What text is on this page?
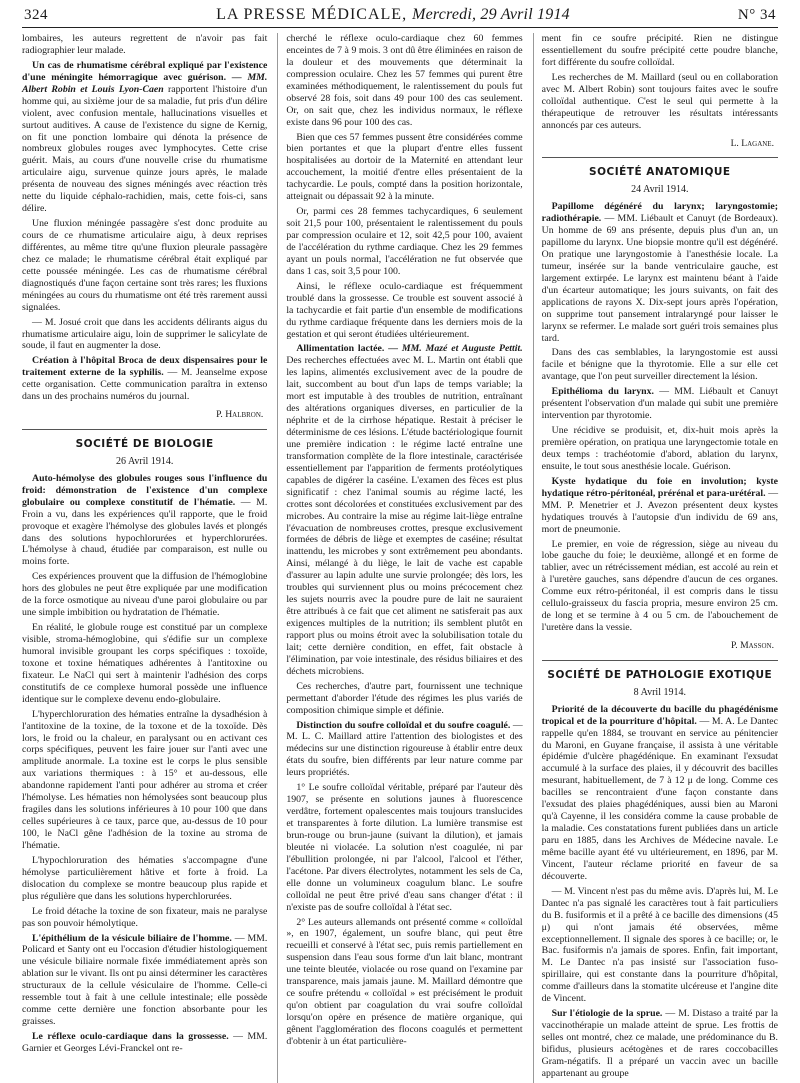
324	LA PRESSE MÉDICALE, Mercredi, 29 Avril 1914	N° 34

lombaires, les auteurs regrettent de n'avoir pas fait radiographier leur malade.

Un cas de rhumatisme cérébral expliqué par l'existence d'une méningite hémorragique avec guérison. — MM. Albert Robin et Louis Lyon-Caen rapportent l'histoire d'un homme qui, au sixième jour de sa maladie, fut pris d'un délire violent, avec confusion mentale, hallucinations visuelles et surtout auditives. A cause de l'existence du signe de Kernig, on fit une ponction lombaire qui dénota la présence de nombreux globules rouges avec lymphocytes. Cette crise guérit. Mais, au cours d'une nouvelle crise du rhumatisme articulaire aigu, survenue quinze jours après, le malade présenta de nouveau des signes méningés avec réaction très nette du liquide céphalo-rachidien, mais, cette fois-ci, sans délire.

Une fluxion méningée passagère s'est donc produite au cours de ce rhumatisme articulaire aigu, à deux reprises différentes, au même titre qu'une fluxion pleurale passagère chez ce malade; le rhumatisme cérébral était expliqué par cette poussée méningée. Les cas de rhumatisme cérébral diagnostiqués d'une façon certaine sont très rares; les fluxions méningées au cours du rhumatisme ont été très rarement aussi signalées.

— M. Josué croit que dans les accidents délirants aigus du rhumatisme articulaire aigu, loin de supprimer le salicylate de soude, il faut en augmenter la dose.

Création à l'hôpital Broca de deux dispensaires pour le traitement externe de la syphilis. — M. Jeanselme expose cette organisation. Cette communication paraîtra in extenso dans un des prochains numéros du journal.

P. Halbron.

SOCIÉTÉ DE BIOLOGIE
26 Avril 1914.

Auto-hémolyse des globules rouges sous l'influence du froid: démonstration de l'existence d'un complexe globulaire ou complexe constitutif de l'hématie. — M. Froin a vu, dans les expériences qu'il rapporte, que le froid provoque et exagère l'hémolyse des globules lavés et plongés dans des solutions hypochlorurées et hyperchlorurées. L'hémolyse à chaud, étudiée par comparaison, est nulle ou moins forte.

Ces expériences prouvent que la diffusion de l'hémoglobine hors des globules ne peut être expliquée par une modification de la force osmotique au niveau d'une paroi globulaire ou par une simple imbibition ou hydratation de l'hématie.

En réalité, le globule rouge est constitué par un complexe visible, stroma-hémoglobine, qui s'édifie sur un complexe humoral invisible groupant les corps spécifiques : toxoïde, toxone et toxine hématiques adhérentes à l'antitoxine ou fixateur. Le NaCl qui sert à maintenir l'adhésion des corps constitutifs de ce complexe humoral possède une influence identique sur le complexe devenu endo-globulaire.

L'hyperchloruration des hématies entraîne la dysadhésion à l'antitoxine de la toxine, de la toxone et de la toxoïde. Dès lors, le froid ou la chaleur, en paralysant ou en activant ces corps spécifiques, peuvent les faire jouer sur l'anti avec une amplitude anormale. La toxine est le corps le plus sensible aux variations thermiques : à 15° et au-dessous, elle abandonne rapidement l'anti pour adhérer au stroma et créer l'hémolyse. Les hématies non hémolysées sont beaucoup plus fragiles dans les solutions inférieures à 10 pour 100 que dans celles supérieures à ce taux, parce que, au-dessus de 10 pour 100, le NaCl gêne l'adhésion de la toxine au stroma de l'hématie.

L'hypochloruration des hématies s'accompagne d'une hémolyse particulièrement hâtive et forte à froid. La dislocation du complexe se montre beaucoup plus rapide et plus régulière que dans les solutions hyperchlorurées.

Le froid détache la toxine de son fixateur, mais ne paralyse pas son pouvoir hémolytique.

L'épithélium de la vésicule biliaire de l'homme. — MM. Policard et Santy ont eu l'occasion d'étudier histologiquement une vésicule biliaire normale fixée immédiatement après son ablation sur le vivant. Ils ont pu ainsi déterminer les caractères structuraux de la cellule vésiculaire de l'homme. Celle-ci ressemble tout à fait à une cellule intestinale; elle possède comme cette dernière une fonction absorbante pour les graisses.

Le réflexe oculo-cardiaque dans la grossesse. — MM. Garnier et Georges Lévi-Franckel ont re-

cherché le réflexe oculo-cardiaque chez 60 femmes enceintes de 7 à 9 mois. 3 ont dû être éliminées en raison de la douleur et des mouvements que déterminait la compression oculaire. Chez les 57 femmes qui purent être examinées méthodiquement, le ralentissement du pouls fut observé 28 fois, soit dans 49 pour 100 des cas seulement. Or, on sait que, chez les individus normaux, le réflexe existe dans 96 pour 100 des cas.

Bien que ces 57 femmes pussent être considérées comme bien portantes et que la plupart d'entre elles fussent hospitalisées au dortoir de la Maternité en attendant leur accouchement, la moitié d'entre elles présentaient de la tachycardie. Le pouls, compté dans la position horizontale, atteignait ou dépassait 92 à la minute.

Or, parmi ces 28 femmes tachycardiques, 6 seulement soit 21,5 pour 100, présentaient le ralentissement du pouls par compression oculaire et 12, soit 42,5 pour 100, avaient de l'accélération du rythme cardiaque. Chez les 29 femmes ayant un pouls normal, l'accélération ne fut observée que dans 1 cas, soit 3,5 pour 100.

Ainsi, le réflexe oculo-cardiaque est fréquemment troublé dans la grossesse. Ce trouble est souvent associé à la tachycardie et fait partie d'un ensemble de modifications du rythme cardiaque fréquente dans les derniers mois de la gestation et qui seront étudiées ultérieurement.

Allimentation lactée. — MM. Mazé et Auguste Pettit. Des recherches effectuées avec M. L. Martin ont établi que les lapins, alimentés exclusivement avec de la poudre de lait, succombent au bout d'un laps de temps variable; la mort est imputable à des troubles de nutrition, entraînant des altérations organiques diverses, en particulier de la néphrite et de la cirrhose hépatique. Restait à préciser le déterminisme de ces lésions. L'étude bactériologique fournit une première indication : le régime lacté entraîne une transformation complète de la flore intestinale, caractérisée essentiellement par l'apparition de ferments protéolytiques capables de digérer la caséine. L'examen des fèces est plus significatif : chez l'animal soumis au régime lacté, les crottes sont décolorées et constituées exclusivement par des microbes. Au contraire la mise au régime lait-liège entraîne l'évacuation de nombreuses crottes, presque exclusivement formées de débris de liège et exemptes de caséine; résultat inattendu, les microbes y sont extrêmement peu abondants. Ainsi, mélangé à du liège, le lait de vache est capable d'assurer au lapin adulte une survie prolongée; dès lors, les troubles qui surviennent plus ou moins précocement chez les sujets nourris avec la poudre pure de lait ne sauraient être attribués à ce fait que cet aliment ne satisferait pas aux exigences multiples de la nutrition; ils semblent plutôt en rapport plus ou moins étroit avec la solubilisation totale du lait; cette dernière condition, en effet, fait obstacle à l'élimination, par voie intestinale, des résidus biliaires et des déchets microbiens.

Ces recherches, d'autre part, fournissent une technique permettant d'aborder l'étude des régimes les plus variés de composition chimique simple et définie.

Distinction du soufre colloïdal et du soufre coagulé. — M. L. C. Maillard attire l'attention des biologistes et des médecins sur une distinction rigoureuse à établir entre deux états du soufre, bien différents par leur nature comme par leurs propriétés.

1° Le soufre colloïdal véritable, préparé par l'auteur dès 1907, se présente en solutions jaunes à fluorescence verdâtre, fortement opalescentes mais toujours translucides et transparentes à forte dilution. La lumière transmise est brun-rouge ou brun-jaune (suivant la dilution), et jamais bleutée ni violacée. La solution n'est coagulée, ni par l'ébullition prolongée, ni par l'alcool, l'alcool et l'éther, l'acétone. Par divers électrolytes, notamment les sels de Ca, elle donne un volumineux coagulum blanc. Le soufre colloïdal ne peut être privé d'eau sans changer d'état : il n'existe pas de soufre colloïdal à l'état sec.

2° Les auteurs allemands ont présenté comme « colloïdal », en 1907, également, un soufre blanc, qui peut être recueilli et conservé à l'état sec, puis remis partiellement en suspension dans l'eau sous forme d'un lait blanc, montrant une teinte bleutée, violacée ou rose quand on l'examine par transparence, mais jamais jaune. M. Maillard démontre que ce soufre prétendu « colloïdal » est précisément le produit qu'on obtient par coagulation du vrai soufre colloïdal lorsqu'on opère en présence de matière organique, qui gênent l'agglomération des flocons coagulés et permettent d'obtenir à un état particulière-

ment fin ce soufre précipité. Rien ne distingue essentiellement du soufre précipité cette poudre blanche, fort différente du soufre colloïdal.

Les recherches de M. Maillard (seul ou en collaboration avec M. Albert Robin) sont toujours faites avec le soufre colloïdal authentique. C'est le seul qui permette à la thérapeutique de retrouver les résultats intéressants annoncés par ces auteurs.

L. Lagane.

SOCIÉTÉ ANATOMIQUE
24 Avril 1914.

Papillome dégénéré du larynx; laryngostomie; radiothérapie. — MM. Liébault et Canuyt (de Bordeaux). Un homme de 69 ans présente, depuis plus d'un an, un papillome du larynx. Une biopsie montre qu'il est dégénéré. On pratique une laryngostomie à l'anesthésie locale. La tumeur, insérée sur la bande ventriculaire gauche, est largement extirpée. Le larynx est maintenu béant à l'aide d'un écarteur automatique; les jours suivants, on fait des applications de rayons X. Dix-sept jours après l'opération, on supprime tout pansement intralaryngé pour laisser le larynx se refermer. Le malade sort guéri trois semaines plus tard.

Dans des cas semblables, la laryngostomie est aussi facile et bénigne que la thyrotomie. Elle a sur elle cet avantage, que l'on peut surveiller directement la lésion.

Epithélioma du larynx. — MM. Liébault et Canuyt présentent l'observation d'un malade qui subit une première intervention par thyrotomie.

Une récidive se produisit, et, dix-huit mois après la première opération, on pratiqua une laryngectomie totale en deux temps : trachéotomie d'abord, ablation du larynx, ensuite, le tout sous anesthésie locale. Guérison.

Kyste hydatique du foie en involution; kyste hydatique rétro-péritonéal, prérénal et para-urétéral. — MM. P. Menetrier et J. Avezon présentent deux kystes hydatiques trouvés à l'autopsie d'un individu de 69 ans, mort de pneumonie.

Le premier, en voie de régression, siège au niveau du lobe gauche du foie; le deuxième, allongé et en forme de tablier, avec un rétrécissement médian, est accolé au rein et à l'uretère gauches, sans dépendre d'aucun de ces organes. Comme eux rétro-péritonéal, il est compris dans le tissu cellulo-graisseux du fascia propria, mesure environ 25 cm. de long et se termine à 4 ou 5 cm. de l'abouchement de l'uretère dans la vessie.

P. Masson.

SOCIÉTÉ DE PATHOLOGIE EXOTIQUE
8 Avril 1914.

Priorité de la découverte du bacille du phagédénisme tropical et de la pourriture d'hôpital. — M. A. Le Dantec rappelle qu'en 1884, se trouvant en service au pénitencier du Maroni, en Guyane française, il assista à une véritable épidémie d'ulcère phagédénique. En examinant l'exsudat accumulé à la surface des plaies, il y découvrit des bacilles mesurant, habituellement, de 7 à 12 μ de long. Comme ces bacilles se rencontraient d'une façon constante dans l'exsudat des plaies phagédéniques, aussi bien au Maroni qu'à Cayenne, il les considéra comme la cause probable de la maladie. Ces constatations furent publiées dans un article paru en 1885, dans les Archives de Médecine navale. Le même bacille ayant été vu ultérieurement, en 1896, par M. Vincent, l'auteur réclame priorité en faveur de sa découverte.

— M. Vincent n'est pas du même avis. D'après lui, M. Le Dantec n'a pas signalé les caractères tout à fait particuliers du B. fusiformis et il a prêté à ce bacille des dimensions (45 μ) qui n'ont jamais été observées, même exceptionnellement. Il signale des spores à ce bacille; or, le Bac. fusiformis n'a jamais de spores. Enfin, fait important, M. Le Dantec n'a pas insisté sur l'association fuso-spirillaire, qui est constante dans la pourriture d'hôpital, comme d'ailleurs dans la stomatite ulcéreuse et l'angine dite de Vincent.

Sur l'étiologie de la sprue. — M. Distaso a traité par la vaccinothérapie un malade atteint de sprue. Les frottis de selles ont montré, chez ce malade, une prédominance du B. bifidus, plusieurs acétogènes et de rares coccobacilles Gram-négatifs. Il a préparé un vaccin avec un bacille appartenant au groupe
